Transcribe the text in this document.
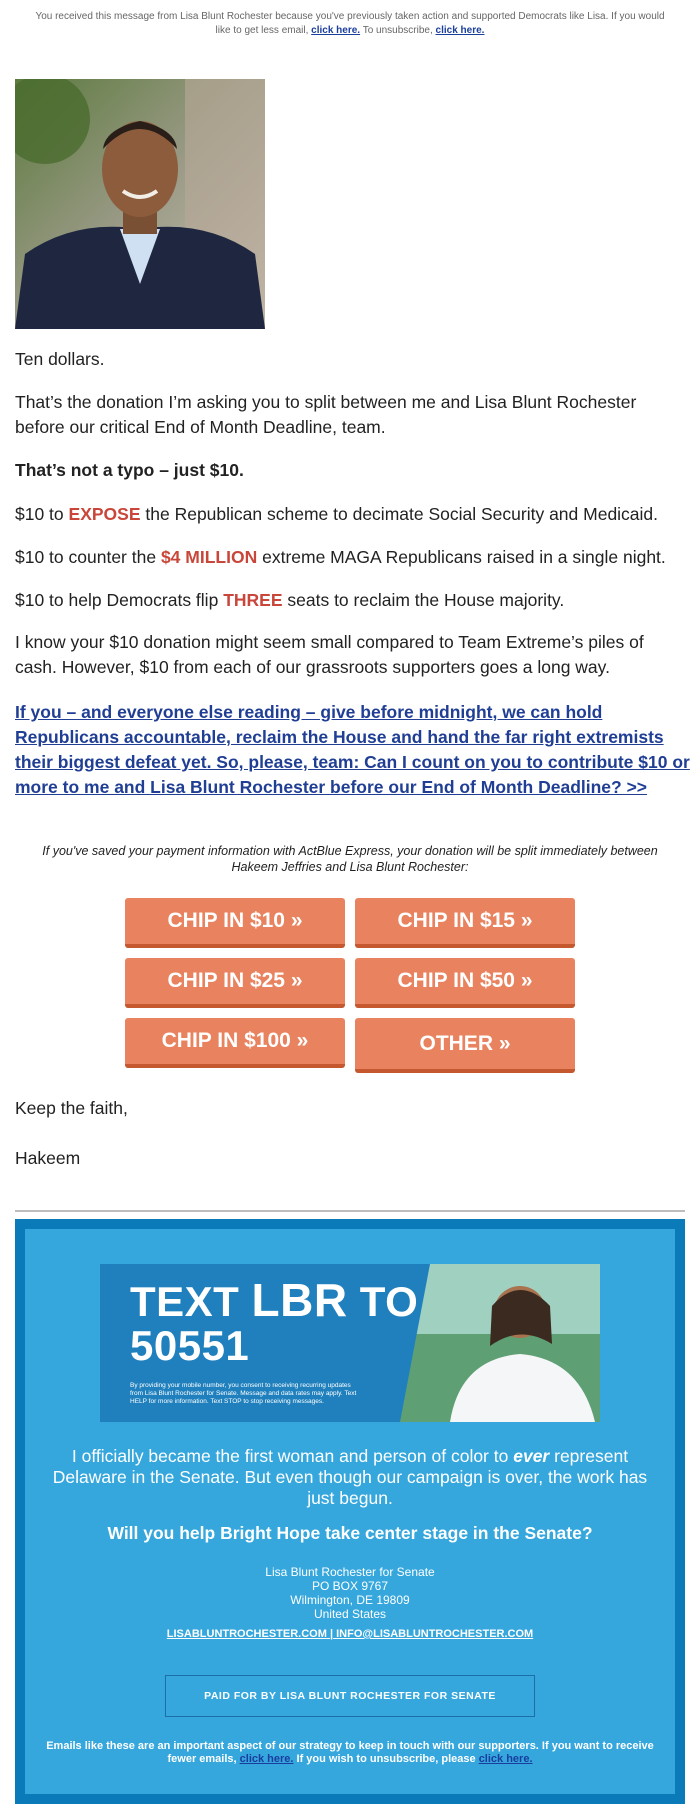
You received this message from Lisa Blunt Rochester because you've previously taken action and supported Democrats like Lisa. If you would like to get less email, click here. To unsubscribe, click here.
Ten dollars.
That’s the donation I’m asking you to split between me and Lisa Blunt Rochester before our critical End of Month Deadline, team.
That’s not a typo – just $10.
$10 to EXPOSE the Republican scheme to decimate Social Security and Medicaid.
$10 to counter the $4 MILLION extreme MAGA Republicans raised in a single night.
$10 to help Democrats flip THREE seats to reclaim the House majority.
I know your $10 donation might seem small compared to Team Extreme’s piles of cash. However, $10 from each of our grassroots supporters goes a long way.
If you – and everyone else reading – give before midnight, we can hold Republicans accountable, reclaim the House and hand the far right extremists their biggest defeat yet. So, please, team: Can I count on you to contribute $10 or more to me and Lisa Blunt Rochester before our End of Month Deadline? >>
If you've saved your payment information with ActBlue Express, your donation will be split immediately between Hakeem Jeffries and Lisa Blunt Rochester:
CHIP IN $10 »	CHIP IN $15 »
CHIP IN $25 »	CHIP IN $50 »
CHIP IN $100 »	OTHER »
Keep the faith,
Hakeem
TEXT LBR TO
50551
By providing your mobile number, you consent to receiving recurring updates from Lisa Blunt Rochester for Senate. Message and data rates may apply. Text HELP for more information. Text STOP to stop receiving messages.
I officially became the first woman and person of color to ever represent Delaware in the Senate. But even though our campaign is over, the work has just begun.
Will you help Bright Hope take center stage in the Senate?
Lisa Blunt Rochester for Senate
PO BOX 9767
Wilmington, DE 19809
United States
LISABLUNTROCHESTER.COM | INFO@LISABLUNTROCHESTER.COM
PAID FOR BY LISA BLUNT ROCHESTER FOR SENATE
Emails like these are an important aspect of our strategy to keep in touch with our supporters. If you want to receive fewer emails, click here. If you wish to unsubscribe, please click here.
